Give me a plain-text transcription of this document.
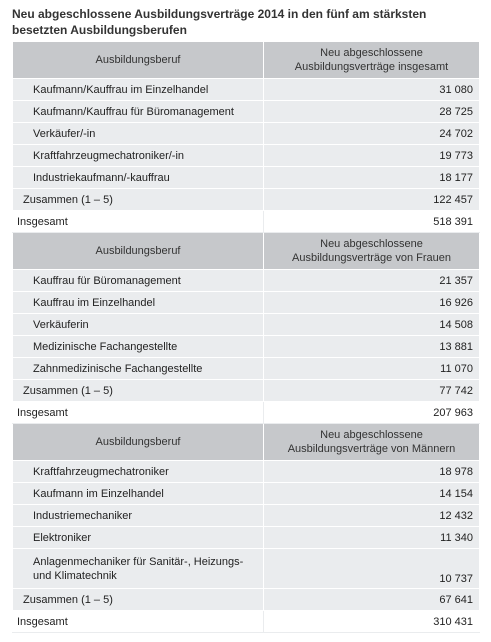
Neu abgeschlossene Ausbildungsverträge 2014 in den fünf am stärksten besetzten Ausbildungsberufen
Ausbildungsberuf	Neu abgeschlossene Ausbildungsverträge insgesamt
Kaufmann/Kauffrau im Einzelhandel	31 080
Kaufmann/Kauffrau für Büromanagement	28 725
Verkäufer/-in	24 702
Kraftfahrzeugmechatroniker/-in	19 773
Industriekaufmann/-kauffrau	18 177
Zusammen (1 – 5)	122 457
Insgesamt	518 391
Ausbildungsberuf	Neu abgeschlossene Ausbildungsverträge von Frauen
Kauffrau für Büromanagement	21 357
Kauffrau im Einzelhandel	16 926
Verkäuferin	14 508
Medizinische Fachangestellte	13 881
Zahnmedizinische Fachangestellte	11 070
Zusammen (1 – 5)	77 742
Insgesamt	207 963
Ausbildungsberuf	Neu abgeschlossene Ausbildungsverträge von Männern
Kraftfahrzeugmechatroniker	18 978
Kaufmann im Einzelhandel	14 154
Industriemechaniker	12 432
Elektroniker	11 340
Anlagenmechaniker für Sanitär-, Heizungs- und Klimatechnik	10 737
Zusammen (1 – 5)	67 641
Insgesamt	310 431
